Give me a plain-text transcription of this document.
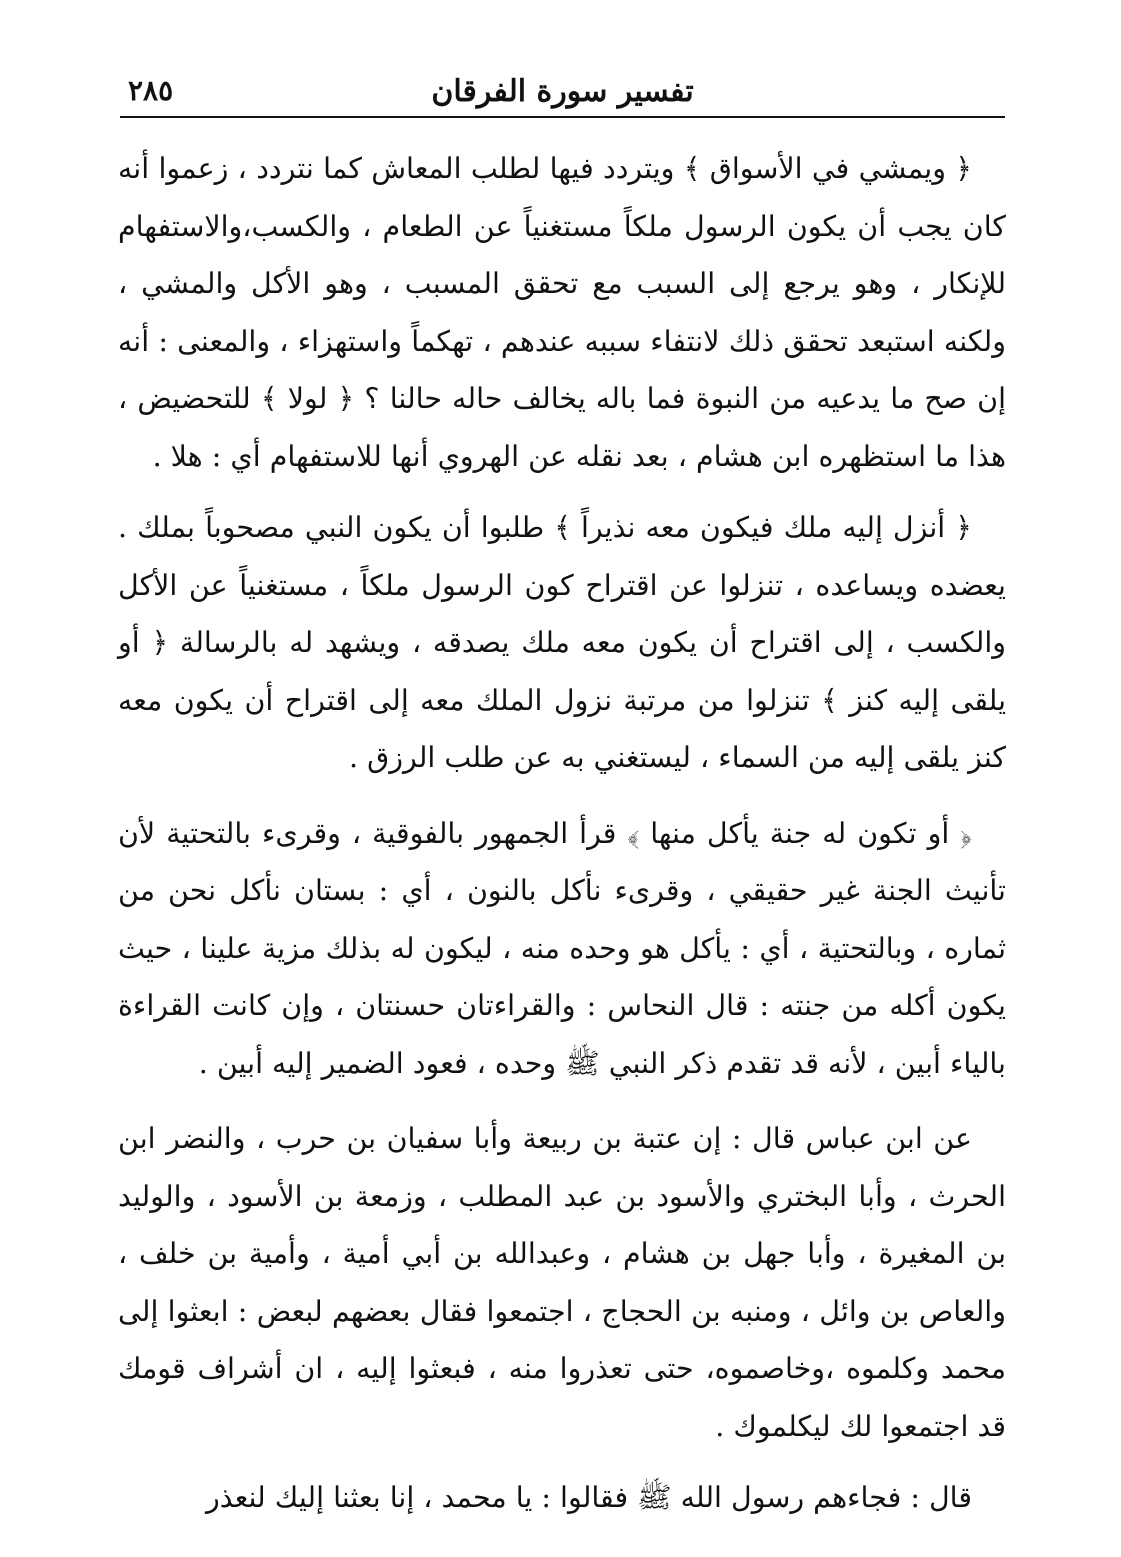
تفسير سورة الفرقان
٢٨٥

﴿ ويمشي في الأسواق ﴾ ويتردد فيها لطلب المعاش كما نتردد ، زعموا أنه كان يجب أن يكون الرسول ملكاً مستغنياً عن الطعام ، والكسب،والاستفهام للإنكار ، وهو يرجع إلى السبب مع تحقق المسبب ، وهو الأكل والمشي ، ولكنه استبعد تحقق ذلك لانتفاء سببه عندهم ، تهكماً واستهزاء ، والمعنى : أنه إن صح ما يدعيه من النبوة فما باله يخالف حاله حالنا ؟ ﴿ لولا ﴾ للتحضيض ، هذا ما استظهره ابن هشام ، بعد نقله عن الهروي أنها للاستفهام أي : هلا .

﴿ أنزل إليه ملك فيكون معه نذيراً ﴾ طلبوا أن يكون النبي مصحوباً بملك . يعضده ويساعده ، تنزلوا عن اقتراح كون الرسول ملكاً ، مستغنياً عن الأكل والكسب ، إلى اقتراح أن يكون معه ملك يصدقه ، ويشهد له بالرسالة ﴿ أو يلقى إليه كنز ﴾ تنزلوا من مرتبة نزول الملك معه إلى اقتراح أن يكون معه كنز يلقى إليه من السماء ، ليستغني به عن طلب الرزق .

﴿ أو تكون له جنة يأكل منها ﴾ قرأ الجمهور بالفوقية ، وقرىء بالتحتية لأن تأنيث الجنة غير حقيقي ، وقرىء نأكل بالنون ، أي : بستان نأكل نحن من ثماره ، وبالتحتية ، أي : يأكل هو وحده منه ، ليكون له بذلك مزية علينا ، حيث يكون أكله من جنته : قال النحاس : والقراءتان حسنتان ، وإن كانت القراءة بالياء أبين ، لأنه قد تقدم ذكر النبي ﷺ وحده ، فعود الضمير إليه أبين .

عن ابن عباس قال : إن عتبة بن ربيعة وأبا سفيان بن حرب ، والنضر ابن الحرث ، وأبا البختري والأسود بن عبد المطلب ، وزمعة بن الأسود ، والوليد بن المغيرة ، وأبا جهل بن هشام ، وعبدالله بن أبي أمية ، وأمية بن خلف ، والعاص بن وائل ، ومنبه بن الحجاج ، اجتمعوا فقال بعضهم لبعض : ابعثوا إلى محمد وكلموه ،وخاصموه، حتى تعذروا منه ، فبعثوا إليه ، ان أشراف قومك قد اجتمعوا لك ليكلموك .

قال : فجاءهم رسول الله ﷺ فقالوا : يا محمد ، إنا بعثنا إليك لنعذر
